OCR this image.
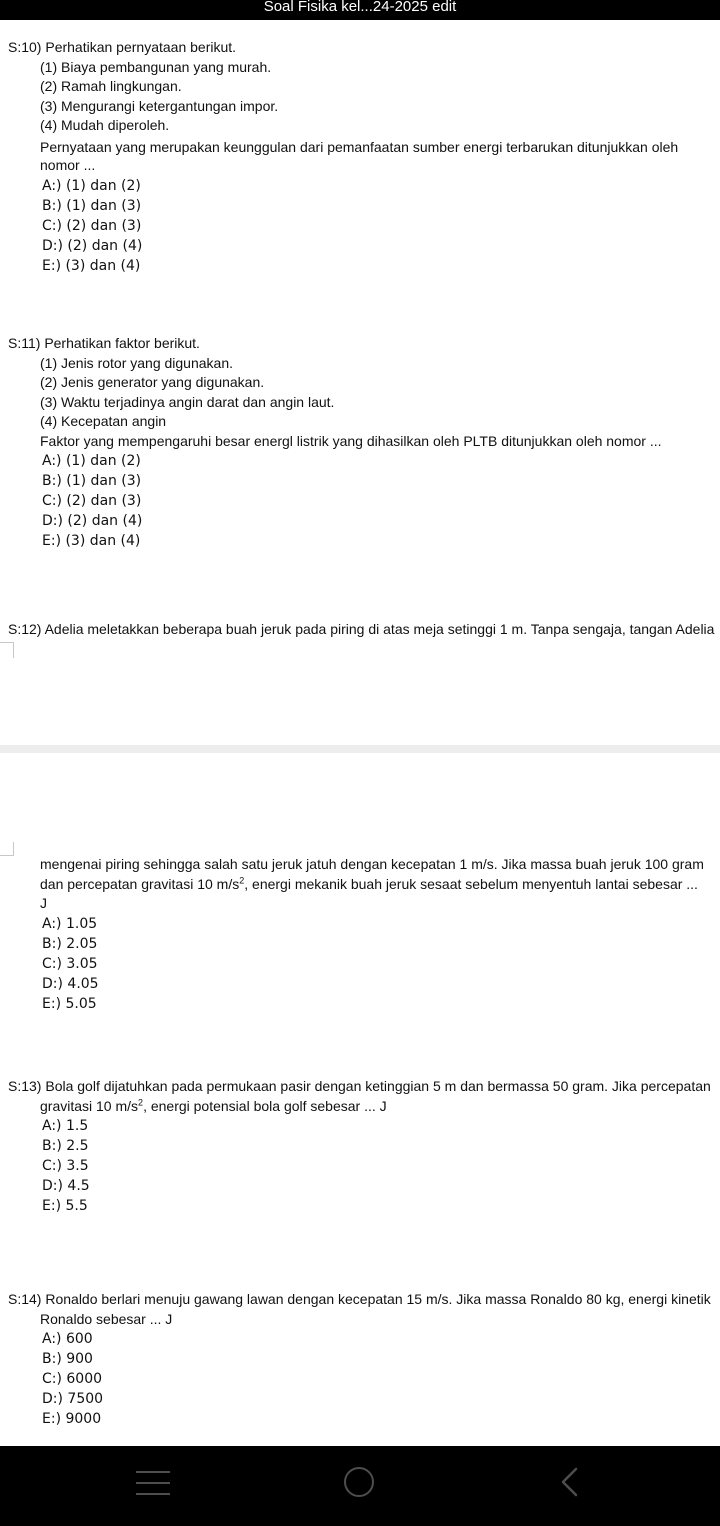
Soal Fisika kel...24-2025 edit
S:10) Perhatikan pernyataan berikut.
(1) Biaya pembangunan yang murah.
(2) Ramah lingkungan.
(3) Mengurangi ketergantungan impor.
(4) Mudah diperoleh.
Pernyataan yang merupakan keunggulan dari pemanfaatan sumber energi terbarukan ditunjukkan oleh nomor ...
A:) (1) dan (2)
B:) (1) dan (3)
C:) (2) dan (3)
D:) (2) dan (4)
E:) (3) dan (4)
S:11) Perhatikan faktor berikut.
(1) Jenis rotor yang digunakan.
(2) Jenis generator yang digunakan.
(3) Waktu terjadinya angin darat dan angin laut.
(4) Kecepatan angin
Faktor yang mempengaruhi besar energl listrik yang dihasilkan oleh PLTB ditunjukkan oleh nomor ...
A:) (1) dan (2)
B:) (1) dan (3)
C:) (2) dan (3)
D:) (2) dan (4)
E:) (3) dan (4)
S:12) Adelia meletakkan beberapa buah jeruk pada piring di atas meja setinggi 1 m. Tanpa sengaja, tangan Adelia
mengenai piring sehingga salah satu jeruk jatuh dengan kecepatan 1 m/s. Jika massa buah jeruk 100 gram
dan percepatan gravitasi 10 $m/s^2$, energi mekanik buah jeruk sesaat sebelum menyentuh lantai sebesar ...
J
A:) 1.05
B:) 2.05
C:) 3.05
D:) 4.05
E:) 5.05
S:13) Bola golf dijatuhkan pada permukaan pasir dengan ketinggian 5 m dan bermassa 50 gram. Jika percepatan
gravitasi 10 $m/s^2$, energi potensial bola golf sebesar ... J
A:) 1.5
B:) 2.5
C:) 3.5
D:) 4.5
E:) 5.5
S:14) Ronaldo berlari menuju gawang lawan dengan kecepatan 15 m/s. Jika massa Ronaldo 80 kg, energi kinetik
Ronaldo sebesar ... J
A:) 600
B:) 900
C:) 6000
D:) 7500
E:) 9000
